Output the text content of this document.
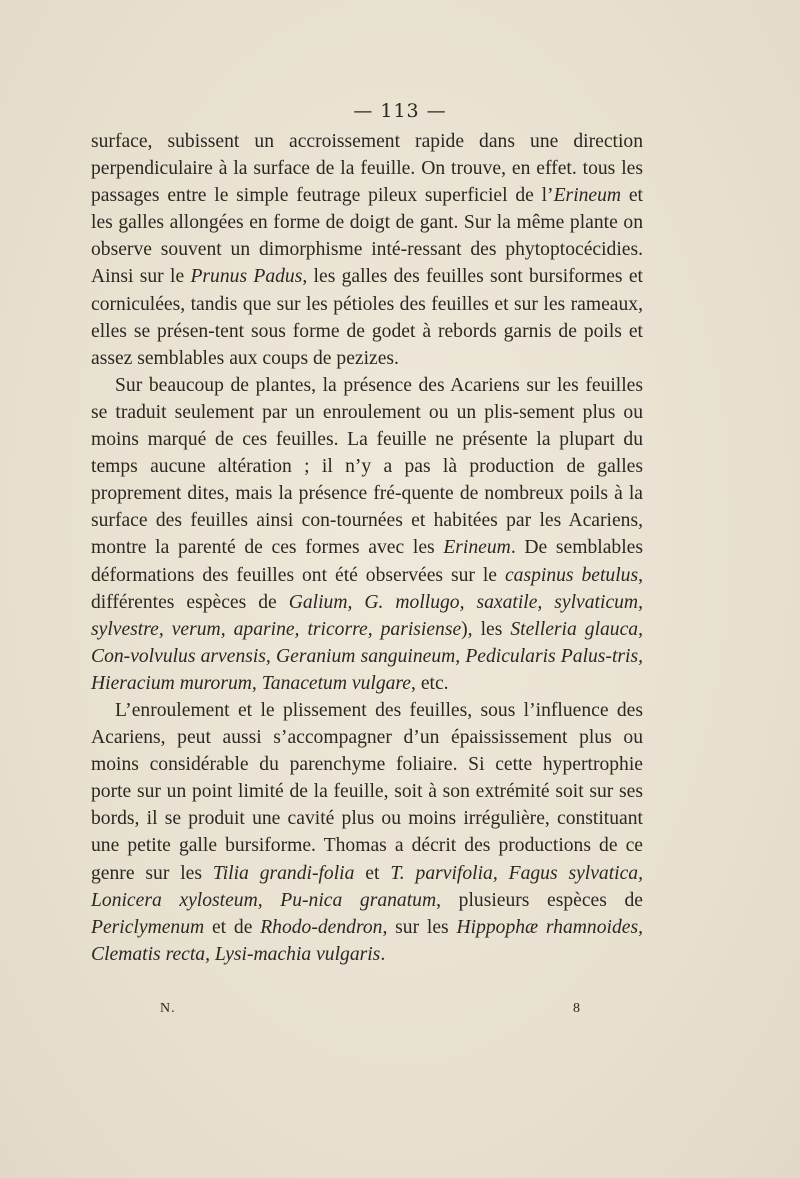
— 113 —

surface, subissent un accroissement rapide dans une direction perpendiculaire à la surface de la feuille. On trouve, en effet. tous les passages entre le simple feutrage pileux superficiel de l’Erineum et les galles allongées en forme de doigt de gant. Sur la même plante on observe souvent un dimorphisme inté-ressant des phytoptocécidies. Ainsi sur le Prunus Padus, les galles des feuilles sont bursiformes et corniculées, tandis que sur les pétioles des feuilles et sur les rameaux, elles se présen-tent sous forme de godet à rebords garnis de poils et assez semblables aux coups de pezizes.

Sur beaucoup de plantes, la présence des Acariens sur les feuilles se traduit seulement par un enroulement ou un plis-sement plus ou moins marqué de ces feuilles. La feuille ne présente la plupart du temps aucune altération ; il n’y a pas là production de galles proprement dites, mais la présence fré-quente de nombreux poils à la surface des feuilles ainsi con-tournées et habitées par les Acariens, montre la parenté de ces formes avec les Erineum. De semblables déformations des feuilles ont été observées sur le caspinus betulus, différentes espèces de Galium, G. mollugo, saxatile, sylvaticum, sylvestre, verum, aparine, tricorre, parisiense), les Stelleria glauca, Con-volvulus arvensis, Geranium sanguineum, Pedicularis Palus-tris, Hieracium murorum, Tanacetum vulgare, etc.

L’enroulement et le plissement des feuilles, sous l’influence des Acariens, peut aussi s’accompagner d’un épaississement plus ou moins considérable du parenchyme foliaire. Si cette hypertrophie porte sur un point limité de la feuille, soit à son extrémité soit sur ses bords, il se produit une cavité plus ou moins irrégulière, constituant une petite galle bursiforme. Thomas a décrit des productions de ce genre sur les Tilia grandi-folia et T. parvifolia, Fagus sylvatica, Lonicera xylosteum, Pu-nica granatum, plusieurs espèces de Periclymenum et de Rhodo-dendron, sur les Hippophæ rhamnoides, Clematis recta, Lysi-machia vulgaris.

N.	8
